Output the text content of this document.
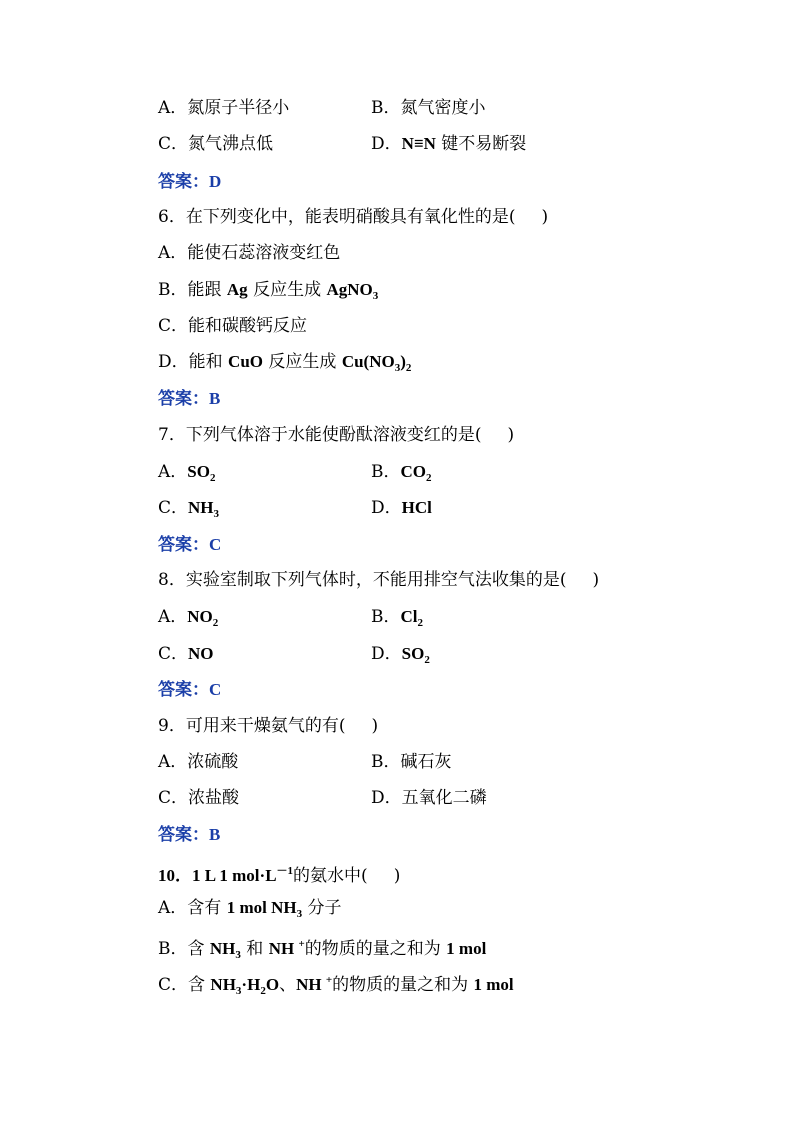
A．氮原子半径小	B．氮气密度小
C．氮气沸点低	D．N≡N 键不易断裂
答案：D
6．在下列变化中，能表明硝酸具有氧化性的是( )
A．能使石蕊溶液变红色
B．能跟 Ag 反应生成 AgNO$_3$
C．能和碳酸钙反应
D．能和 CuO 反应生成 $Cu(NO_3)_2$
答案：B
7．下列气体溶于水能使酚酞溶液变红的是( )
A．$SO_2$	B．$CO_2$
C．$NH_3$	D．HCl
答案：C
8．实验室制取下列气体时，不能用排空气法收集的是( )
A．$NO_2$	B．$Cl_2$
C．NO	D．$SO_2$
答案：C
9．可用来干燥氨气的有( )
A．浓硫酸	B．碱石灰
C．浓盐酸	D．五氧化二磷
答案：B
10．1 L 1 $mol\cdot L^{-1}$的氨水中( )
A．含有 1 mol $NH_3$ 分子
B．含 $NH_3$ 和 NH +的物质的量之和为 1 mol
C．含 $NH_3\cdot H_2O$、NH +的物质的量之和为 1 mol
